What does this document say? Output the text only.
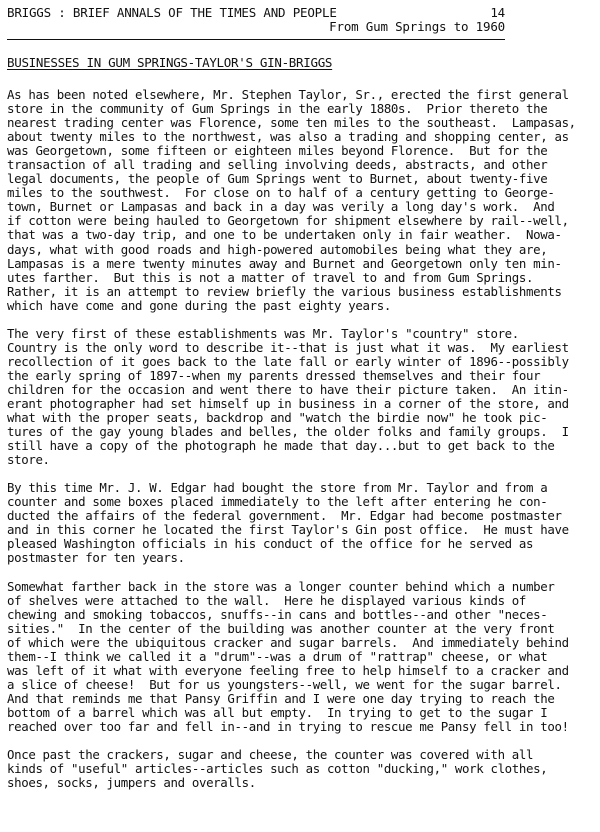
BRIGGS : BRIEF ANNALS OF THE TIMES AND PEOPLE	14
From Gum Springs to 1960
BUSINESSES IN GUM SPRINGS-TAYLOR'S GIN-BRIGGS
As has been noted elsewhere, Mr. Stephen Taylor, Sr., erected the first general
store in the community of Gum Springs in the early 1880s.  Prior thereto the
nearest trading center was Florence, some ten miles to the southeast.  Lampasas,
about twenty miles to the northwest, was also a trading and shopping center, as
was Georgetown, some fifteen or eighteen miles beyond Florence.  But for the
transaction of all trading and selling involving deeds, abstracts, and other
legal documents, the people of Gum Springs went to Burnet, about twenty-five
miles to the southwest.  For close on to half of a century getting to George-
town, Burnet or Lampasas and back in a day was verily a long day's work.  And
if cotton were being hauled to Georgetown for shipment elsewhere by rail--well,
that was a two-day trip, and one to be undertaken only in fair weather.  Nowa-
days, what with good roads and high-powered automobiles being what they are,
Lampasas is a mere twenty minutes away and Burnet and Georgetown only ten min-
utes farther.  But this is not a matter of travel to and from Gum Springs.
Rather, it is an attempt to review briefly the various business establishments
which have come and gone during the past eighty years.
The very first of these establishments was Mr. Taylor's "country" store.
Country is the only word to describe it--that is just what it was.  My earliest
recollection of it goes back to the late fall or early winter of 1896--possibly
the early spring of 1897--when my parents dressed themselves and their four
children for the occasion and went there to have their picture taken.  An itin-
erant photographer had set himself up in business in a corner of the store, and
what with the proper seats, backdrop and "watch the birdie now" he took pic-
tures of the gay young blades and belles, the older folks and family groups.  I
still have a copy of the photograph he made that day...but to get back to the
store.
By this time Mr. J. W. Edgar had bought the store from Mr. Taylor and from a
counter and some boxes placed immediately to the left after entering he con-
ducted the affairs of the federal government.  Mr. Edgar had become postmaster
and in this corner he located the first Taylor's Gin post office.  He must have
pleased Washington officials in his conduct of the office for he served as
postmaster for ten years.
Somewhat farther back in the store was a longer counter behind which a number
of shelves were attached to the wall.  Here he displayed various kinds of
chewing and smoking tobaccos, snuffs--in cans and bottles--and other "neces-
sities."  In the center of the building was another counter at the very front
of which were the ubiquitous cracker and sugar barrels.  And immediately behind
them--I think we called it a "drum"--was a drum of "rattrap" cheese, or what
was left of it what with everyone feeling free to help himself to a cracker and
a slice of cheese!  But for us youngsters--well, we went for the sugar barrel.
And that reminds me that Pansy Griffin and I were one day trying to reach the
bottom of a barrel which was all but empty.  In trying to get to the sugar I
reached over too far and fell in--and in trying to rescue me Pansy fell in too!
Once past the crackers, sugar and cheese, the counter was covered with all
kinds of "useful" articles--articles such as cotton "ducking," work clothes,
shoes, socks, jumpers and overalls.
